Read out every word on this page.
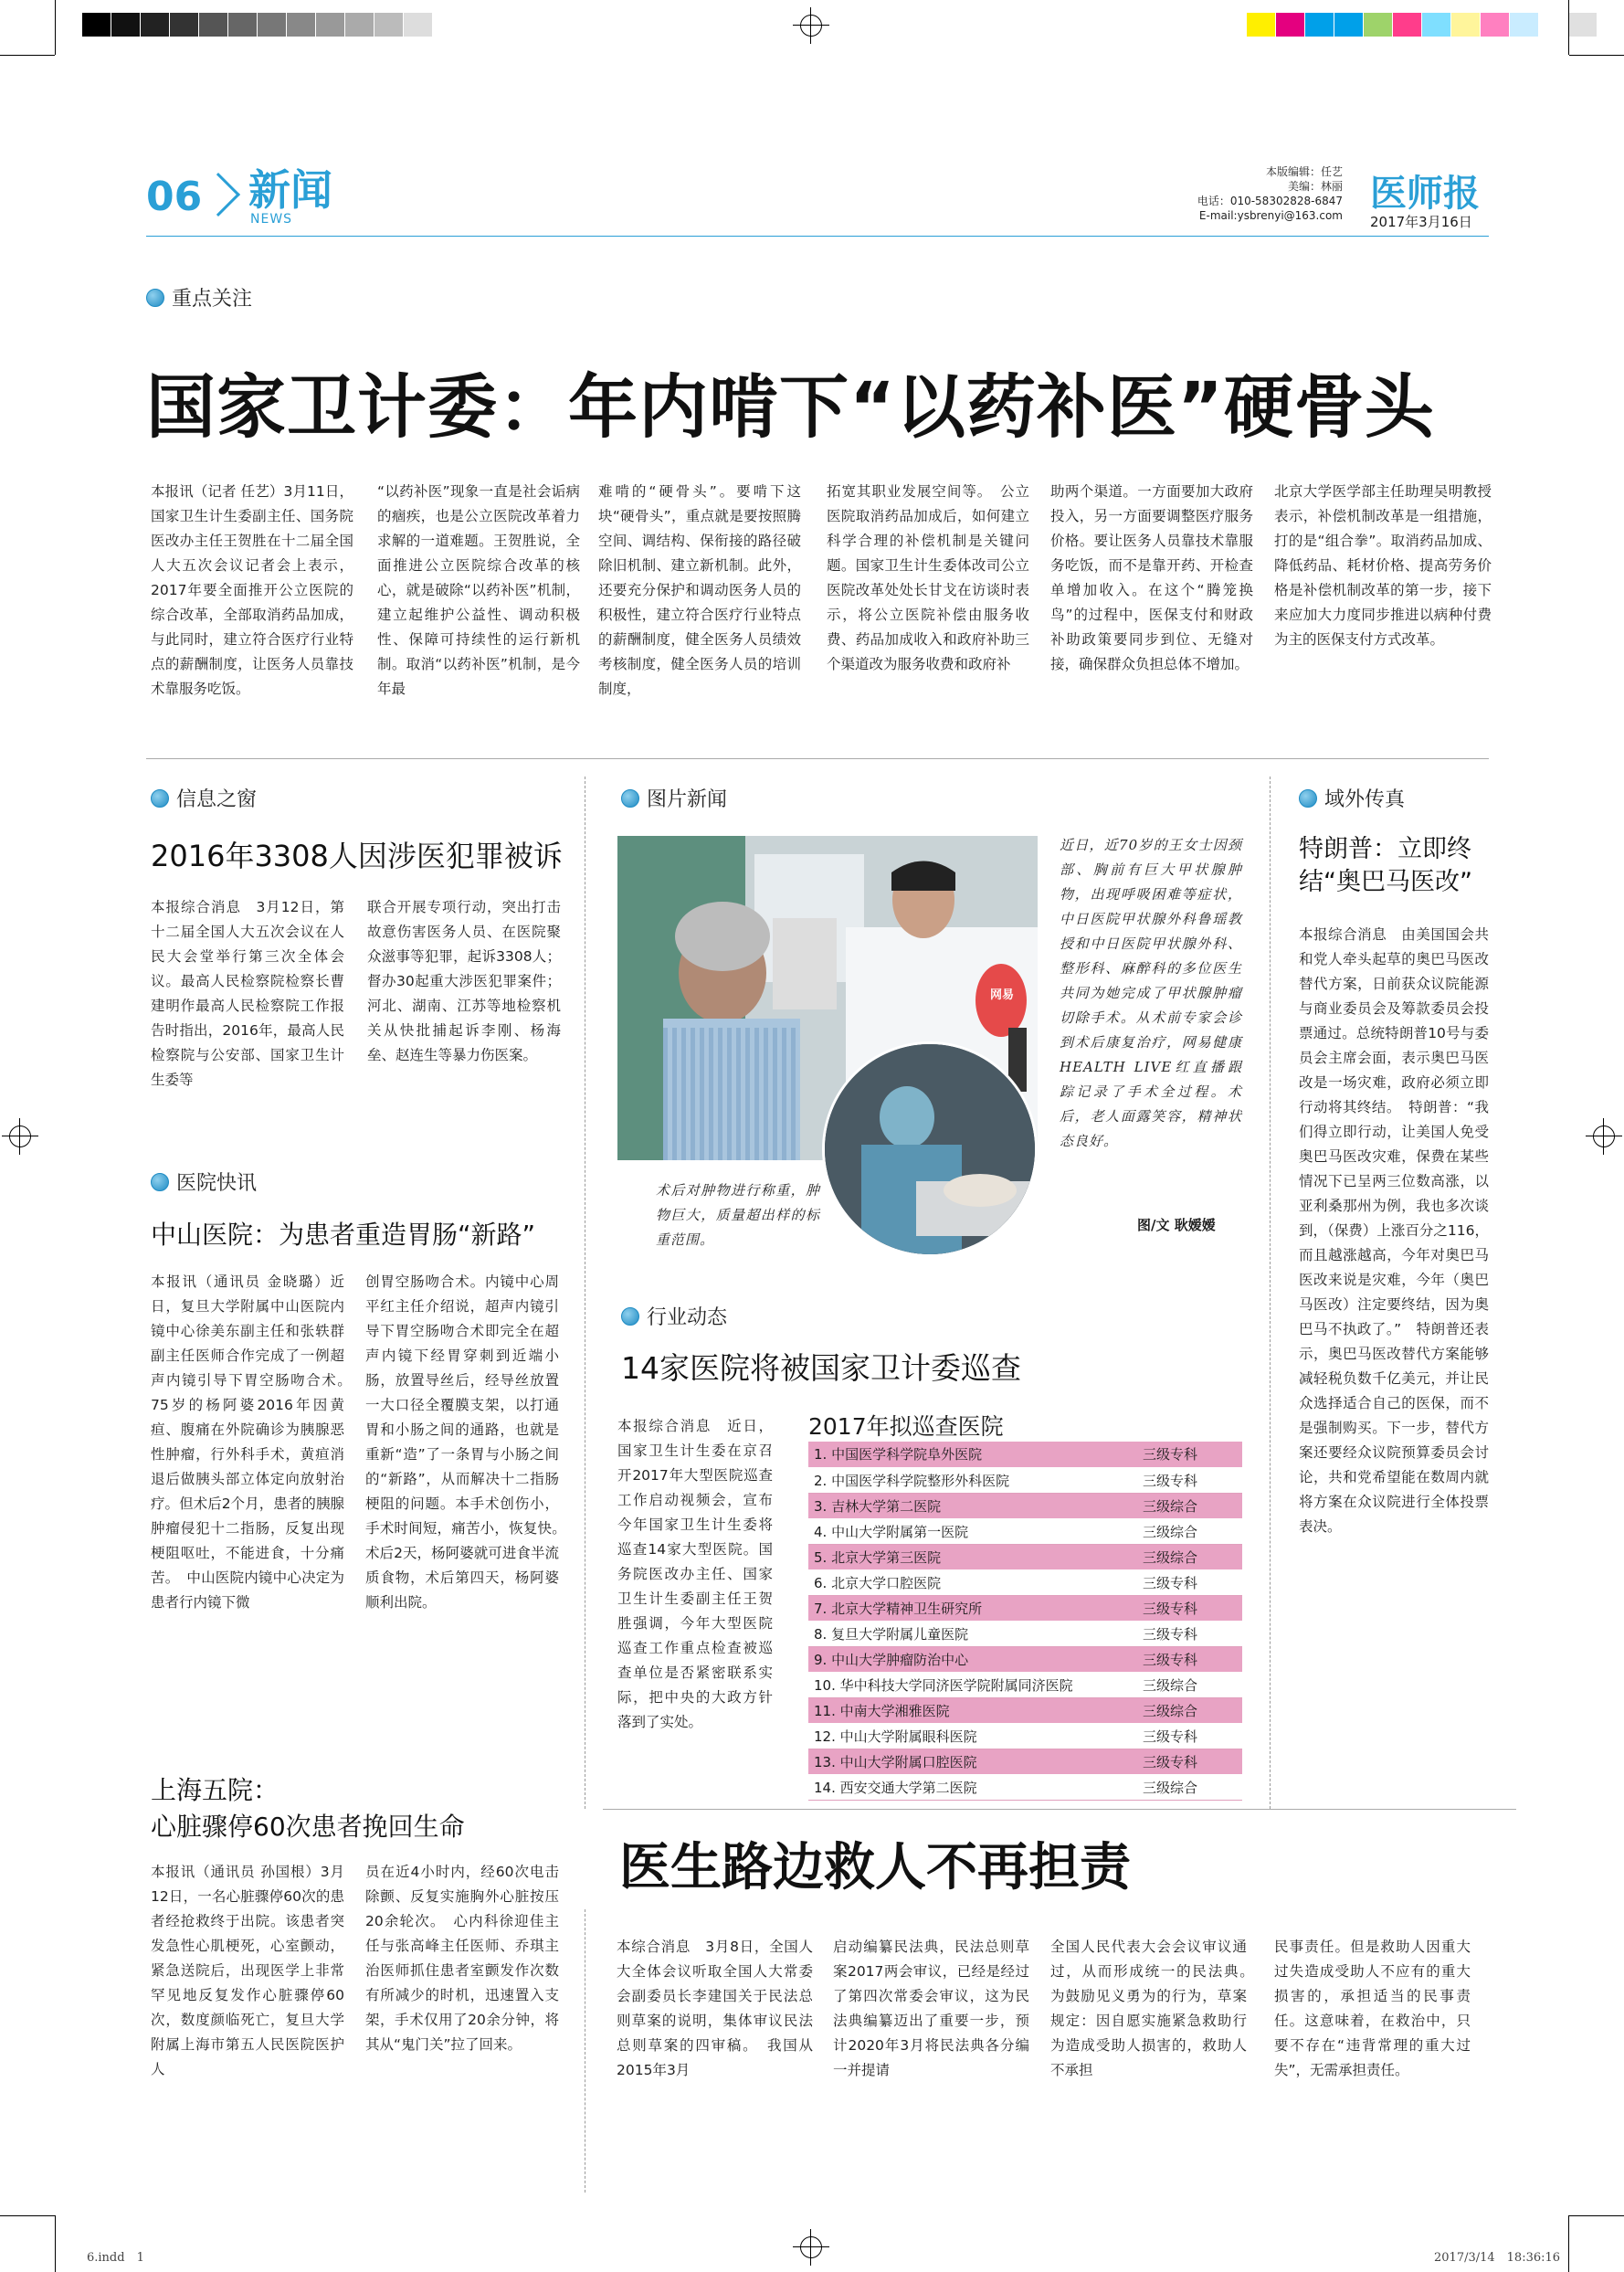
06 新闻
NEWS
本版编辑：任艺
美编：林丽
电话：010-58302828-6847
E-mail:ysbrenyi@163.com
医师报
2017年3月16日
重点关注
国家卫计委：年内啃下“以药补医”硬骨头
本报讯（记者 任艺）3月11日，国家卫生计生委副主任、国务院医改办主任王贺胜在十二届全国人大五次会议记者会上表示，2017年要全面推开公立医院的综合改革，全部取消药品加成，与此同时，建立符合医疗行业特点的薪酬制度，让医务人员靠技术靠服务吃饭。
“以药补医”现象一直是社会诟病的痼疾，也是公立医院改革着力求解的一道难题。王贺胜说，全面推进公立医院综合改革的核心，就是破除“以药补医”机制，建立起维护公益性、调动积极性、保障可持续性的运行新机制。取消“以药补医”机制，是今年最
难啃的“硬骨头”。要啃下这块“硬骨头”，重点就是要按照腾空间、调结构、保衔接的路径破除旧机制、建立新机制。此外，还要充分保护和调动医务人员的积极性，建立符合医疗行业特点的薪酬制度，健全医务人员绩效考核制度，健全医务人员的培训制度，
拓宽其职业发展空间等。　公立医院取消药品加成后，如何建立科学合理的补偿机制是关键问题。国家卫生计生委体改司公立医院改革处处长甘戈在访谈时表示，将公立医院补偿由服务收费、药品加成收入和政府补助三个渠道改为服务收费和政府补
助两个渠道。一方面要加大政府投入，另一方面要调整医疗服务价格。要让医务人员靠技术靠服务吃饭，而不是靠开药、开检查单增加收入。在这个“腾笼换鸟”的过程中，医保支付和财政补助政策要同步到位、无缝对接，确保群众负担总体不增加。
北京大学医学部主任助理吴明教授表示，补偿机制改革是一组措施，打的是“组合拳”。取消药品加成、降低药品、耗材价格、提高劳务价格是补偿机制改革的第一步，接下来应加大力度同步推进以病种付费为主的医保支付方式改革。
信息之窗
2016年3308人因涉医犯罪被诉
本报综合消息　3月12日，第十二届全国人大五次会议在人民大会堂举行第三次全体会议。最高人民检察院检察长曹建明作最高人民检察院工作报告时指出，2016年，最高人民检察院与公安部、国家卫生计生委等
联合开展专项行动，突出打击故意伤害医务人员、在医院聚众滋事等犯罪，起诉3308人；督办30起重大涉医犯罪案件；河北、湖南、江苏等地检察机关从快批捕起诉李刚、杨海垒、赵连生等暴力伤医案。
医院快讯
中山医院：为患者重造胃肠“新路”
本报讯（通讯员 金晓璐）近日，复旦大学附属中山医院内镜中心徐美东副主任和张轶群副主任医师合作完成了一例超声内镜引导下胃空肠吻合术。　75岁的杨阿婆2016年因黄疸、腹痛在外院确诊为胰腺恶性肿瘤，行外科手术，黄疸消退后做胰头部立体定向放射治疗。但术后2个月，患者的胰腺肿瘤侵犯十二指肠，反复出现梗阻呕吐，不能进食，十分痛苦。　中山医院内镜中心决定为患者行内镜下微
创胃空肠吻合术。内镜中心周平红主任介绍说，超声内镜引导下胃空肠吻合术即完全在超声内镜下经胃穿刺到近端小肠，放置导丝后，经导丝放置一大口径全覆膜支架，以打通胃和小肠之间的通路，也就是重新“造”了一条胃与小肠之间的“新路”，从而解决十二指肠梗阻的问题。本手术创伤小，手术时间短，痛苦小，恢复快。　术后2天，杨阿婆就可进食半流质食物，术后第四天，杨阿婆顺利出院。
上海五院：
心脏骤停60次患者挽回生命
本报讯（通讯员 孙国根）3月12日，一名心脏骤停60次的患者经抢救终于出院。该患者突发急性心肌梗死，心室颤动，紧急送院后，出现医学上非常罕见地反复发作心脏骤停60次，数度颜临死亡，复旦大学附属上海市第五人民医院医护人
员在近4小时内，经60次电击除颤、反复实施胸外心脏按压20余轮次。　心内科徐迎佳主任与张高峰主任医师、乔琪主治医师抓住患者室颤发作次数有所减少的时机，迅速置入支架，手术仅用了20余分钟，将其从“鬼门关”拉了回来。
图片新闻
网易
近日，近70岁的王女士因颈部、胸前有巨大甲状腺肿物，出现呼吸困难等症状，中日医院甲状腺外科鲁瑶教授和中日医院甲状腺外科、整形科、麻醉科的多位医生共同为她完成了甲状腺肿瘤切除手术。从术前专家会诊到术后康复治疗，网易健康HEALTH LIVE红直播跟踪记录了手术全过程。术后，老人面露笑容，精神状态良好。
图/文 耿嫒嫒
术后对肿物进行称重，肿物巨大，质量超出样的标重范围。
行业动态
14家医院将被国家卫计委巡查
本报综合消息　近日，国家卫生计生委在京召开2017年大型医院巡查工作启动视频会，宣布今年国家卫生计生委将巡查14家大型医院。国务院医改办主任、国家卫生计生委副主任王贺胜强调，今年大型医院巡查工作重点检查被巡查单位是否紧密联系实际，把中央的大政方针落到了实处。
2017年拟巡查医院
1. 中国医学科学院阜外医院	三级专科
2. 中国医学科学院整形外科医院	三级专科
3. 吉林大学第二医院	三级综合
4. 中山大学附属第一医院	三级综合
5. 北京大学第三医院	三级综合
6. 北京大学口腔医院	三级专科
7. 北京大学精神卫生研究所	三级专科
8. 复旦大学附属儿童医院	三级专科
9. 中山大学肿瘤防治中心	三级专科
10. 华中科技大学同济医学院附属同济医院	三级综合
11. 中南大学湘雅医院	三级综合
12. 中山大学附属眼科医院	三级专科
13. 中山大学附属口腔医院	三级专科
14. 西安交通大学第二医院	三级综合
域外传真
特朗普：立即终结“奥巴马医改”
本报综合消息　由美国国会共和党人牵头起草的奥巴马医改替代方案，日前获众议院能源与商业委员会及筹款委员会投票通过。总统特朗普10号与委员会主席会面，表示奥巴马医改是一场灾难，政府必须立即行动将其终结。　特朗普：“我们得立即行动，让美国人免受奥巴马医改灾难，保费在某些情况下已呈两三位数高涨，以亚利桑那州为例，我也多次谈到，（保费）上涨百分之116，而且越涨越高，今年对奥巴马医改来说是灾难，今年（奥巴马医改）注定要终结，因为奥巴马不执政了。”　特朗普还表示，奥巴马医改替代方案能够减轻税负数千亿美元，并让民众选择适合自己的医保，而不是强制购买。下一步，替代方案还要经众议院预算委员会讨论，共和党希望能在数周内就将方案在众议院进行全体投票表决。
医生路边救人不再担责
本综合消息　3月8日，全国人大全体会议听取全国人大常委会副委员长李建国关于民法总则草案的说明，集体审议民法总则草案的四审稿。　我国从2015年3月
启动编纂民法典，民法总则草案2017两会审议，已经是经过了第四次常委会审议，这为民法典编纂迈出了重要一步，预计2020年3月将民法典各分编一并提请
全国人民代表大会会议审议通过，从而形成统一的民法典。　为鼓励见义勇为的行为，草案规定：因自愿实施紧急救助行为造成受助人损害的，救助人不承担
民事责任。但是救助人因重大过失造成受助人不应有的重大损害的，承担适当的民事责任。这意味着，在救治中，只要不存在“违背常理的重大过失”，无需承担责任。
6.indd　1	2017/3/14　18:36:16
